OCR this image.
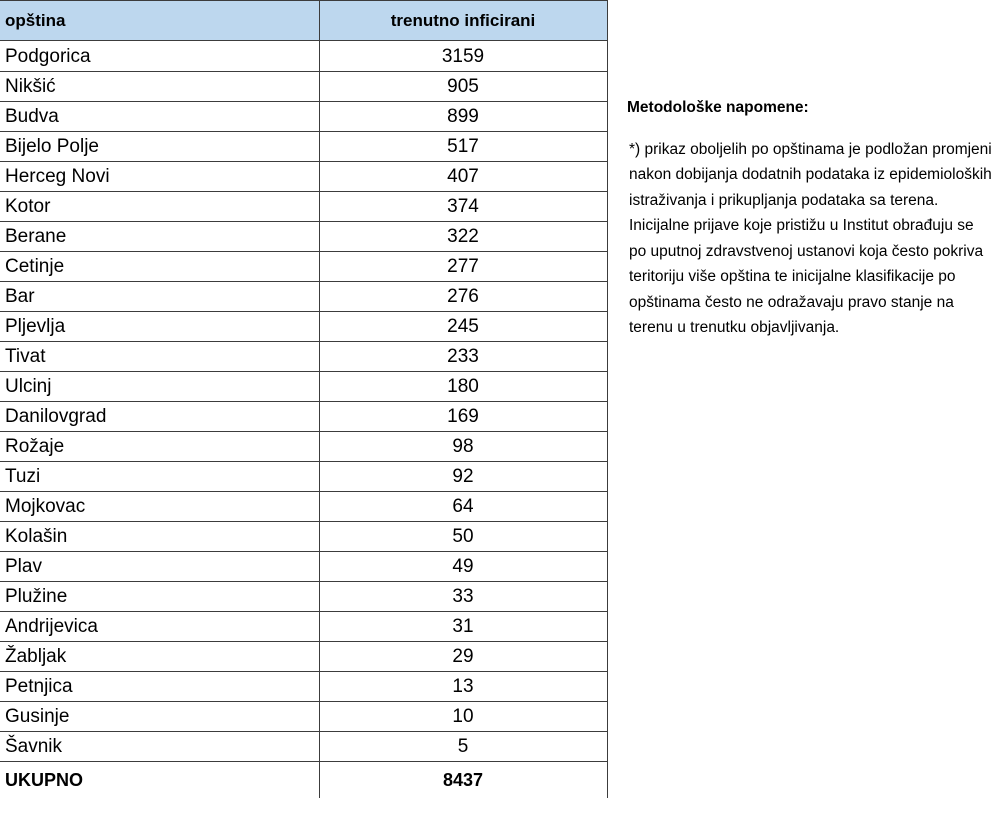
opština	trenutno inficirani
Podgorica	3159
Nikšić	905
Budva	899
Bijelo Polje	517
Herceg Novi	407
Kotor	374
Berane	322
Cetinje	277
Bar	276
Pljevlja	245
Tivat	233
Ulcinj	180
Danilovgrad	169
Rožaje	98
Tuzi	92
Mojkovac	64
Kolašin	50
Plav	49
Plužine	33
Andrijevica	31
Žabljak	29
Petnjica	13
Gusinje	10
Šavnik	5
UKUPNO	8437

Metodološke napomene:

*) prikaz oboljelih po opštinama je podložan promjeni nakon dobijanja dodatnih podataka iz epidemioloških istraživanja i prikupljanja podataka sa terena. Inicijalne prijave koje pristižu u Institut obrađuju se po uputnoj zdravstvenoj ustanovi koja često pokriva teritoriju više opština te inicijalne klasifikacije po opštinama često ne odražavaju pravo stanje na terenu u trenutku objavljivanja.
